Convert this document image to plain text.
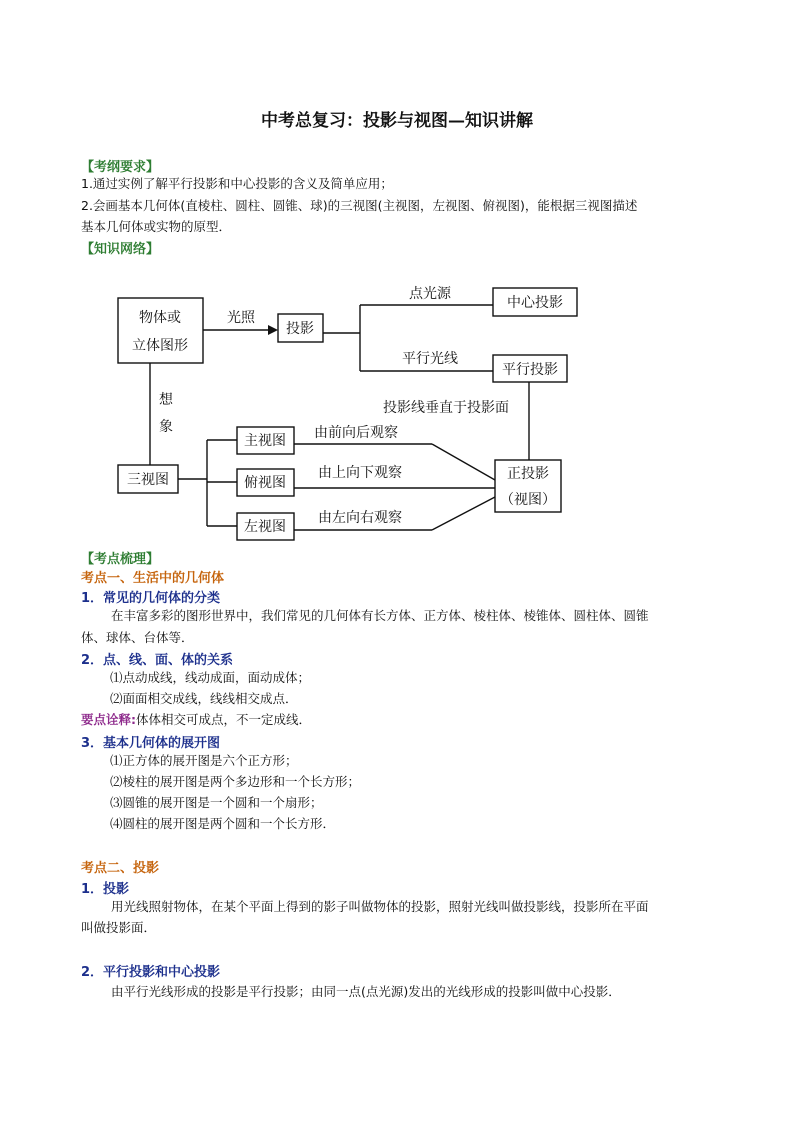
中考总复习：投影与视图—知识讲解
【考纲要求】
1.通过实例了解平行投影和中心投影的含义及简单应用；
2.会画基本几何体(直棱柱、圆柱、圆锥、球)的三视图(主视图，左视图、俯视图)，能根据三视图描述
基本几何体或实物的原型．
【知识网络】
物体或
立体图形
光照
投影
点光源
中心投影
平行光线
平行投影
想
象
投影线垂直于投影面
三视图
主视图
俯视图
左视图
由前向后观察
由上向下观察
由左向右观察
正投影
（视图）
【考点梳理】
考点一、生活中的几何体
1．常见的几何体的分类
在丰富多彩的图形世界中，我们常见的几何体有长方体、正方体、棱柱体、棱锥体、圆柱体、圆锥
体、球体、台体等．
2．点、线、面、体的关系
⑴点动成线，线动成面，面动成体；
⑵面面相交成线，线线相交成点．
要点诠释:体体相交可成点，不一定成线．
3．基本几何体的展开图
⑴正方体的展开图是六个正方形；
⑵棱柱的展开图是两个多边形和一个长方形；
⑶圆锥的展开图是一个圆和一个扇形；
⑷圆柱的展开图是两个圆和一个长方形．
考点二、投影
1．投影
用光线照射物体，在某个平面上得到的影子叫做物体的投影，照射光线叫做投影线，投影所在平面
叫做投影面．
2．平行投影和中心投影
由平行光线形成的投影是平行投影；由同一点(点光源)发出的光线形成的投影叫做中心投影．
